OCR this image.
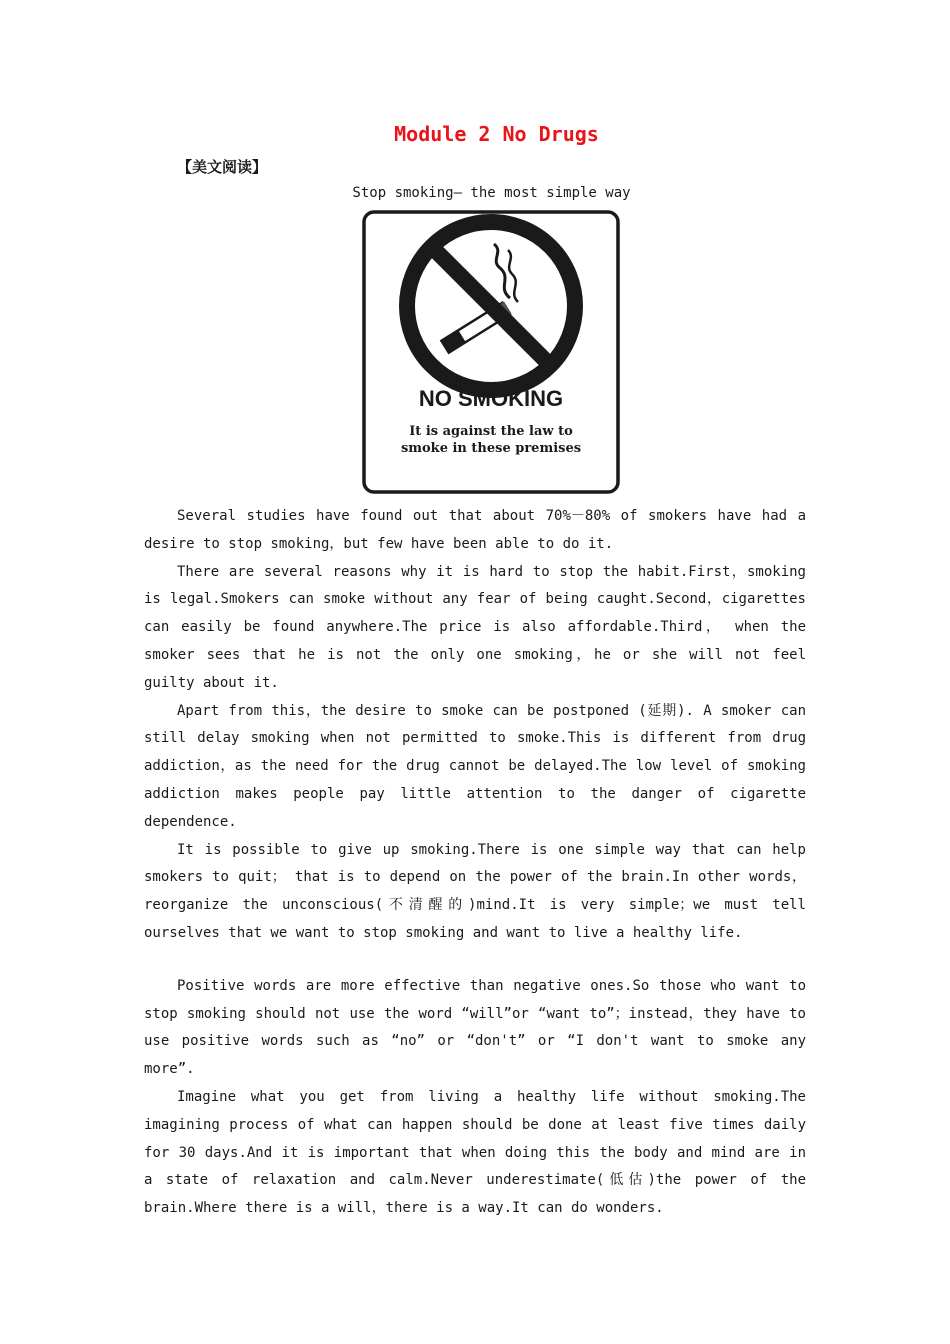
Module 2 No Drugs
【美文阅读】
Stop smoking— the most simple way
NO SMOKING
It is against the law to
smoke in these premises

Several studies have found out that about 70%－80% of smokers have had a desire to stop smoking，but few have been able to do it.

There are several reasons why it is hard to stop the habit.First，smoking is legal.Smokers can smoke without any fear of being caught.Second，cigarettes can easily be found anywhere.The price is also affordable.Third， when the smoker sees that he is not the only one smoking，he or she will not feel guilty about it.

Apart from this，the desire to smoke can be postponed (延期). A smoker can still delay smoking when not permitted to smoke.This is different from drug addiction，as the need for the drug cannot be delayed.The low level of smoking addiction makes people pay little attention to the danger of cigarette dependence.

It is possible to give up smoking.There is one simple way that can help smokers to quit； that is to depend on the power of the brain.In other words，reorganize the unconscious(不清醒的)mind.It is very simple；we must tell ourselves that we want to stop smoking and want to live a healthy life.

Positive words are more effective than negative ones.So those who want to stop smoking should not use the word “will”or “want to”；instead，they have to use positive words such as “no” or “don't” or “I don't want to smoke any more”.

Imagine what you get from living a healthy life without smoking.The imagining process of what can happen should be done at least five times daily for 30 days.And it is important that when doing this the body and mind are in a state of relaxation and calm.Never underestimate(低估)the power of the brain.Where there is a will，there is a way.It can do wonders.
